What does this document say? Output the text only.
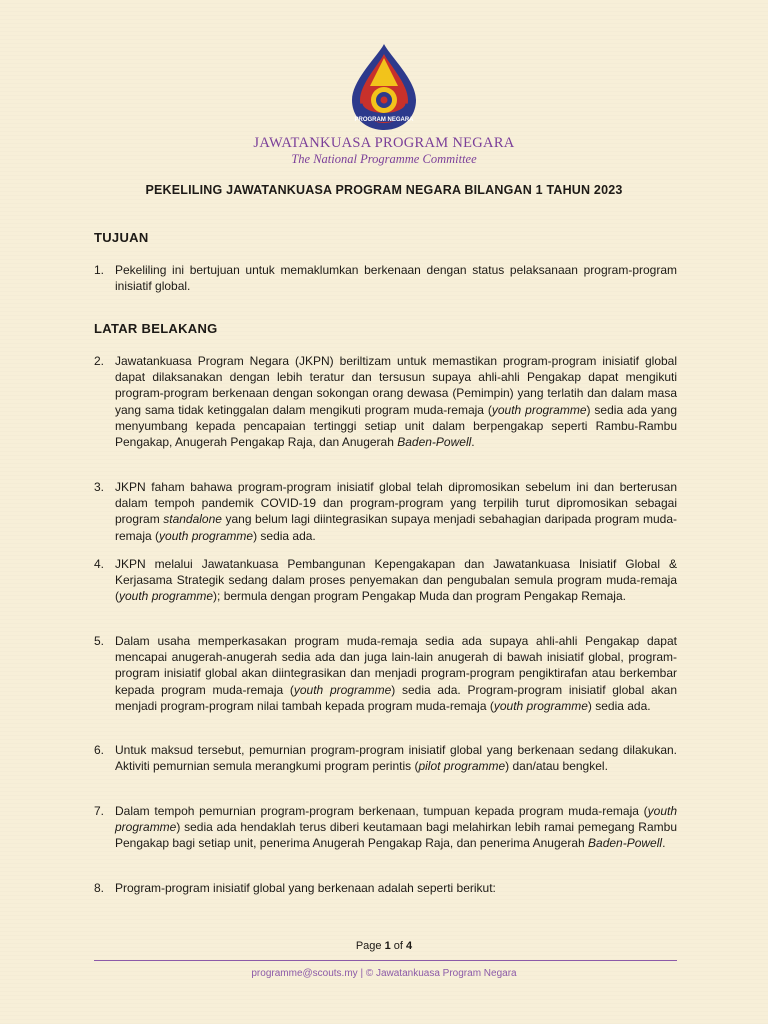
PROGRAM NEGARA
JAWATANKUASA PROGRAM NEGARA
The National Programme Committee
PEKELILING JAWATANKUASA PROGRAM NEGARA BILANGAN 1 TAHUN 2023
TUJUAN
1. Pekeliling ini bertujuan untuk memaklumkan berkenaan dengan status pelaksanaan program-program inisiatif global.
LATAR BELAKANG
2. Jawatankuasa Program Negara (JKPN) beriltizam untuk memastikan program-program inisiatif global dapat dilaksanakan dengan lebih teratur dan tersusun supaya ahli-ahli Pengakap dapat mengikuti program-program berkenaan dengan sokongan orang dewasa (Pemimpin) yang terlatih dan dalam masa yang sama tidak ketinggalan dalam mengikuti program muda-remaja (youth programme) sedia ada yang menyumbang kepada pencapaian tertinggi setiap unit dalam berpengakap seperti Rambu-Rambu Pengakap, Anugerah Pengakap Raja, dan Anugerah Baden-Powell.
3. JKPN faham bahawa program-program inisiatif global telah dipromosikan sebelum ini dan berterusan dalam tempoh pandemik COVID-19 dan program-program yang terpilih turut dipromosikan sebagai program standalone yang belum lagi diintegrasikan supaya menjadi sebahagian daripada program muda-remaja (youth programme) sedia ada.
4. JKPN melalui Jawatankuasa Pembangunan Kepengakapan dan Jawatankuasa Inisiatif Global & Kerjasama Strategik sedang dalam proses penyemakan dan pengubalan semula program muda-remaja (youth programme); bermula dengan program Pengakap Muda dan program Pengakap Remaja.
5. Dalam usaha memperkasakan program muda-remaja sedia ada supaya ahli-ahli Pengakap dapat mencapai anugerah-anugerah sedia ada dan juga lain-lain anugerah di bawah inisiatif global, program-program inisiatif global akan diintegrasikan dan menjadi program-program pengiktirafan atau berkembar kepada program muda-remaja (youth programme) sedia ada. Program-program inisiatif global akan menjadi program-program nilai tambah kepada program muda-remaja (youth programme) sedia ada.
6. Untuk maksud tersebut, pemurnian program-program inisiatif global yang berkenaan sedang dilakukan. Aktiviti pemurnian semula merangkumi program perintis (pilot programme) dan/atau bengkel.
7. Dalam tempoh pemurnian program-program berkenaan, tumpuan kepada program muda-remaja (youth programme) sedia ada hendaklah terus diberi keutamaan bagi melahirkan lebih ramai pemegang Rambu Pengakap bagi setiap unit, penerima Anugerah Pengakap Raja, dan penerima Anugerah Baden-Powell.
8. Program-program inisiatif global yang berkenaan adalah seperti berikut:
Page 1 of 4
programme@scouts.my | © Jawatankuasa Program Negara
